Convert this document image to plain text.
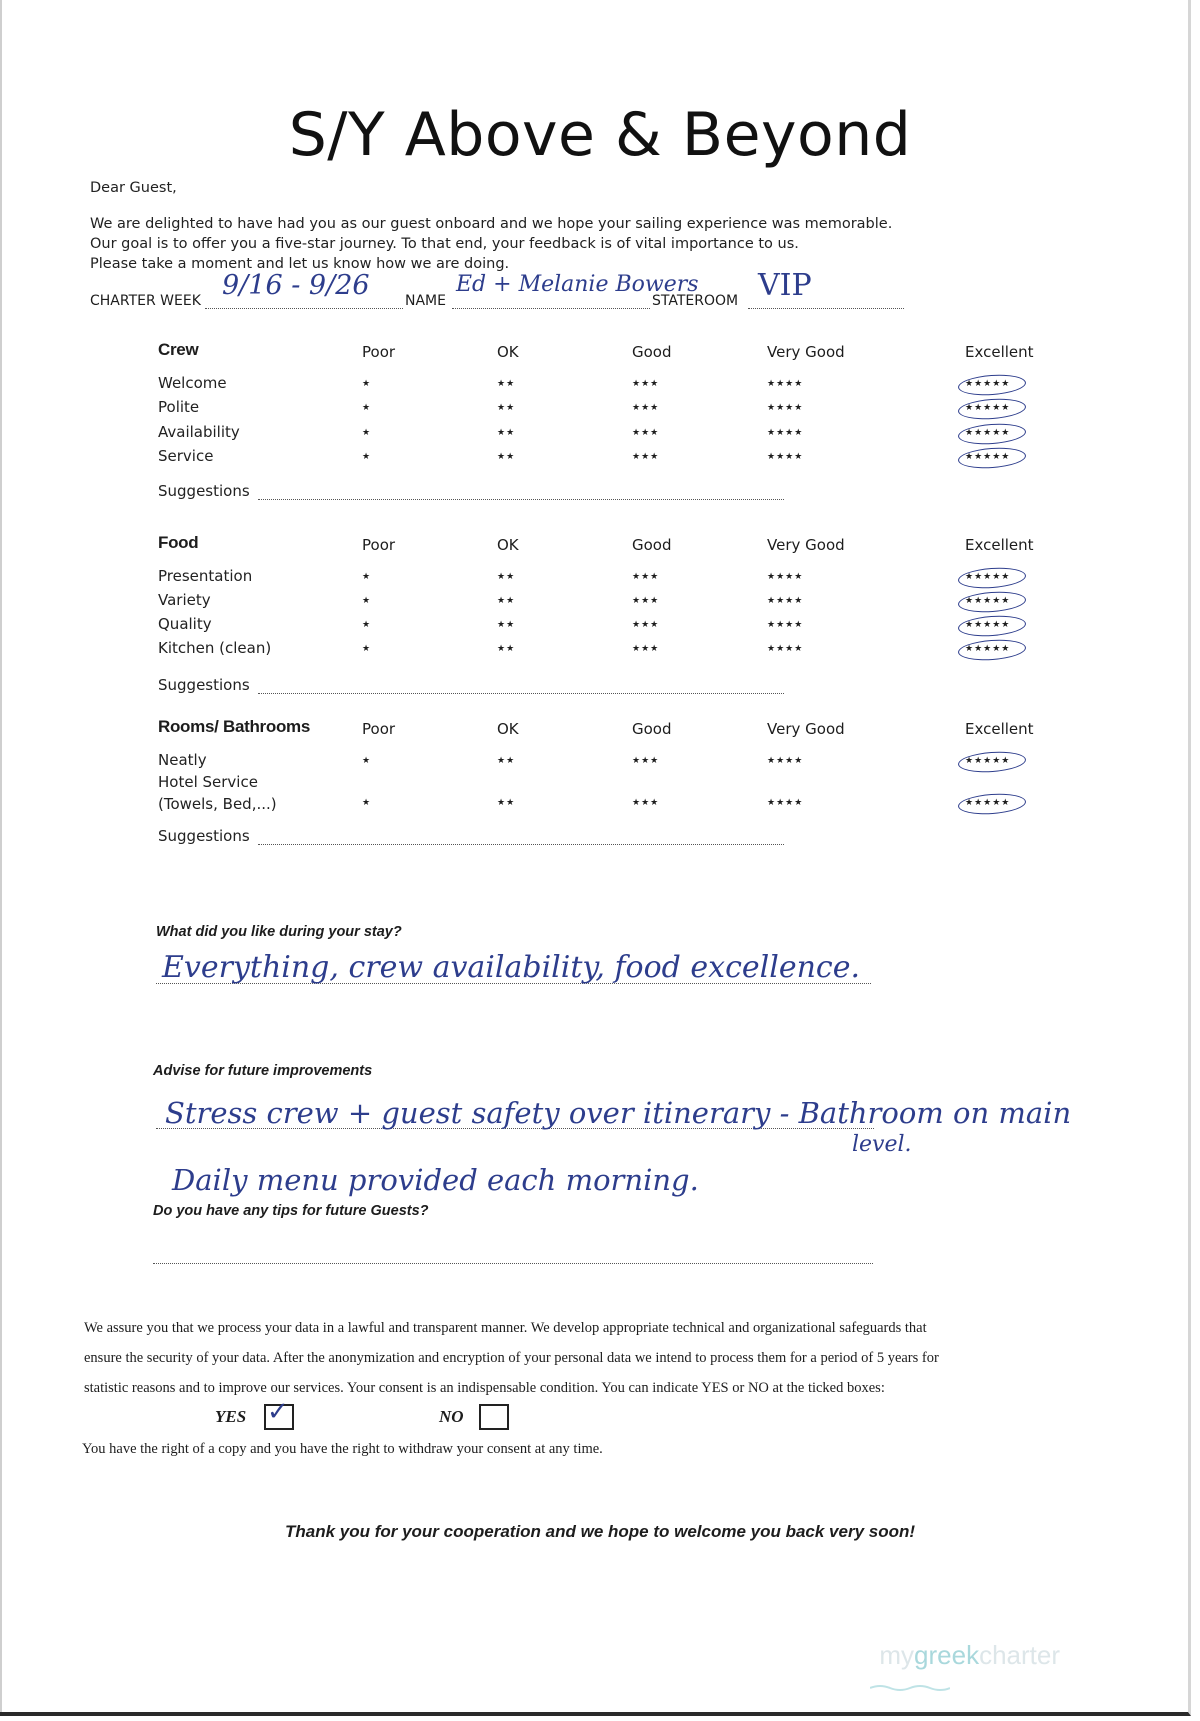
S/Y Above & Beyond
Dear Guest,
We are delighted to have had you as our guest onboard and we hope your sailing experience was memorable.
Our goal is to offer you a five-star journey. To that end, your feedback is of vital importance to us.
Please take a moment and let us know how we are doing.
CHARTER WEEK 9/16 - 9/26	NAME
Ed + Melanie Bowers
STATEROOM VIP
Crew	Poor	OK	Good	Very Good	Excellent
Welcome	★	★★	★★★	★★★★	★★★★★
Polite	★	★★	★★★	★★★★	★★★★★
Availability	★	★★	★★★	★★★★	★★★★★
Service	★	★★	★★★	★★★★	★★★★★
Suggestions
Food	Poor	OK	Good	Very Good	Excellent
Presentation	★	★★	★★★	★★★★	★★★★★
Variety	★	★★	★★★	★★★★	★★★★★
Quality	★	★★	★★★	★★★★	★★★★★
Kitchen (clean)	★	★★	★★★	★★★★	★★★★★
Suggestions
Rooms/ Bathrooms	Poor	OK	Good	Very Good	Excellent
Neatly	★	★★	★★★	★★★★	★★★★★
Hotel Service
(Towels, Bed,...)	★	★★	★★★	★★★★	★★★★★
Suggestions
What did you like during your stay?
Everything, crew availability, food excellence.
Advise for future improvements
Stress crew + guest safety over itinerary - Bathroom on main
level.
Daily menu provided each morning.
Do you have any tips for future Guests?
We assure you that we process your data in a lawful and transparent manner. We develop appropriate technical and organizational safeguards that
ensure the security of your data. After the anonymization and encryption of your personal data we intend to process them for a period of 5 years for
statistic reasons and to improve our services. Your consent is an indispensable condition. You can indicate YES or NO at the ticked boxes:
YES ✓	NO
You have the right of a copy and you have the right to withdraw your consent at any time.
Thank you for your cooperation and we hope to welcome you back very soon!
mygreekcharter
